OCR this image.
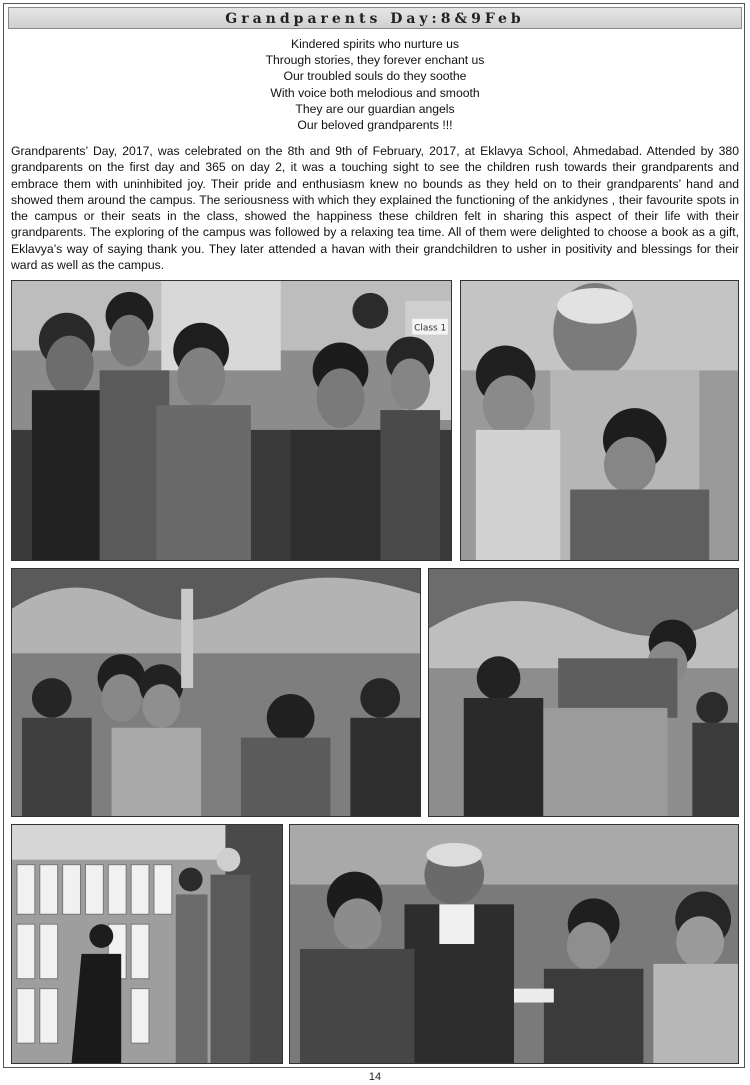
Grandparents Day:8&9Feb
Kindered spirits who nurture us
Through stories, they forever enchant us
Our troubled souls do they soothe
With voice both melodious and smooth
They are our guardian angels
Our beloved grandparents !!!

Grandparents’ Day, 2017, was celebrated on the 8th and 9th of February, 2017, at Eklavya School, Ahmedabad. Attended by 380 grandparents on the first day and 365 on day 2, it was a touching sight to see the children rush towards their grandparents and embrace them with uninhibited joy. Their pride and enthusiasm knew no bounds as they held on to their grandparents’ hand and showed them around the campus. The seriousness with which they explained the functioning of the ankidynes , their favourite spots in the campus or their seats in the class, showed the happiness these children felt in sharing this aspect of their life with their grandparents. The exploring of the campus was followed by a relaxing tea time. All of them were delighted to choose a book as a gift, Eklavya’s way of saying thank you. They later attended a havan with their grandchildren to usher in positivity and blessings for their ward as well as the campus.

Class 1
14
